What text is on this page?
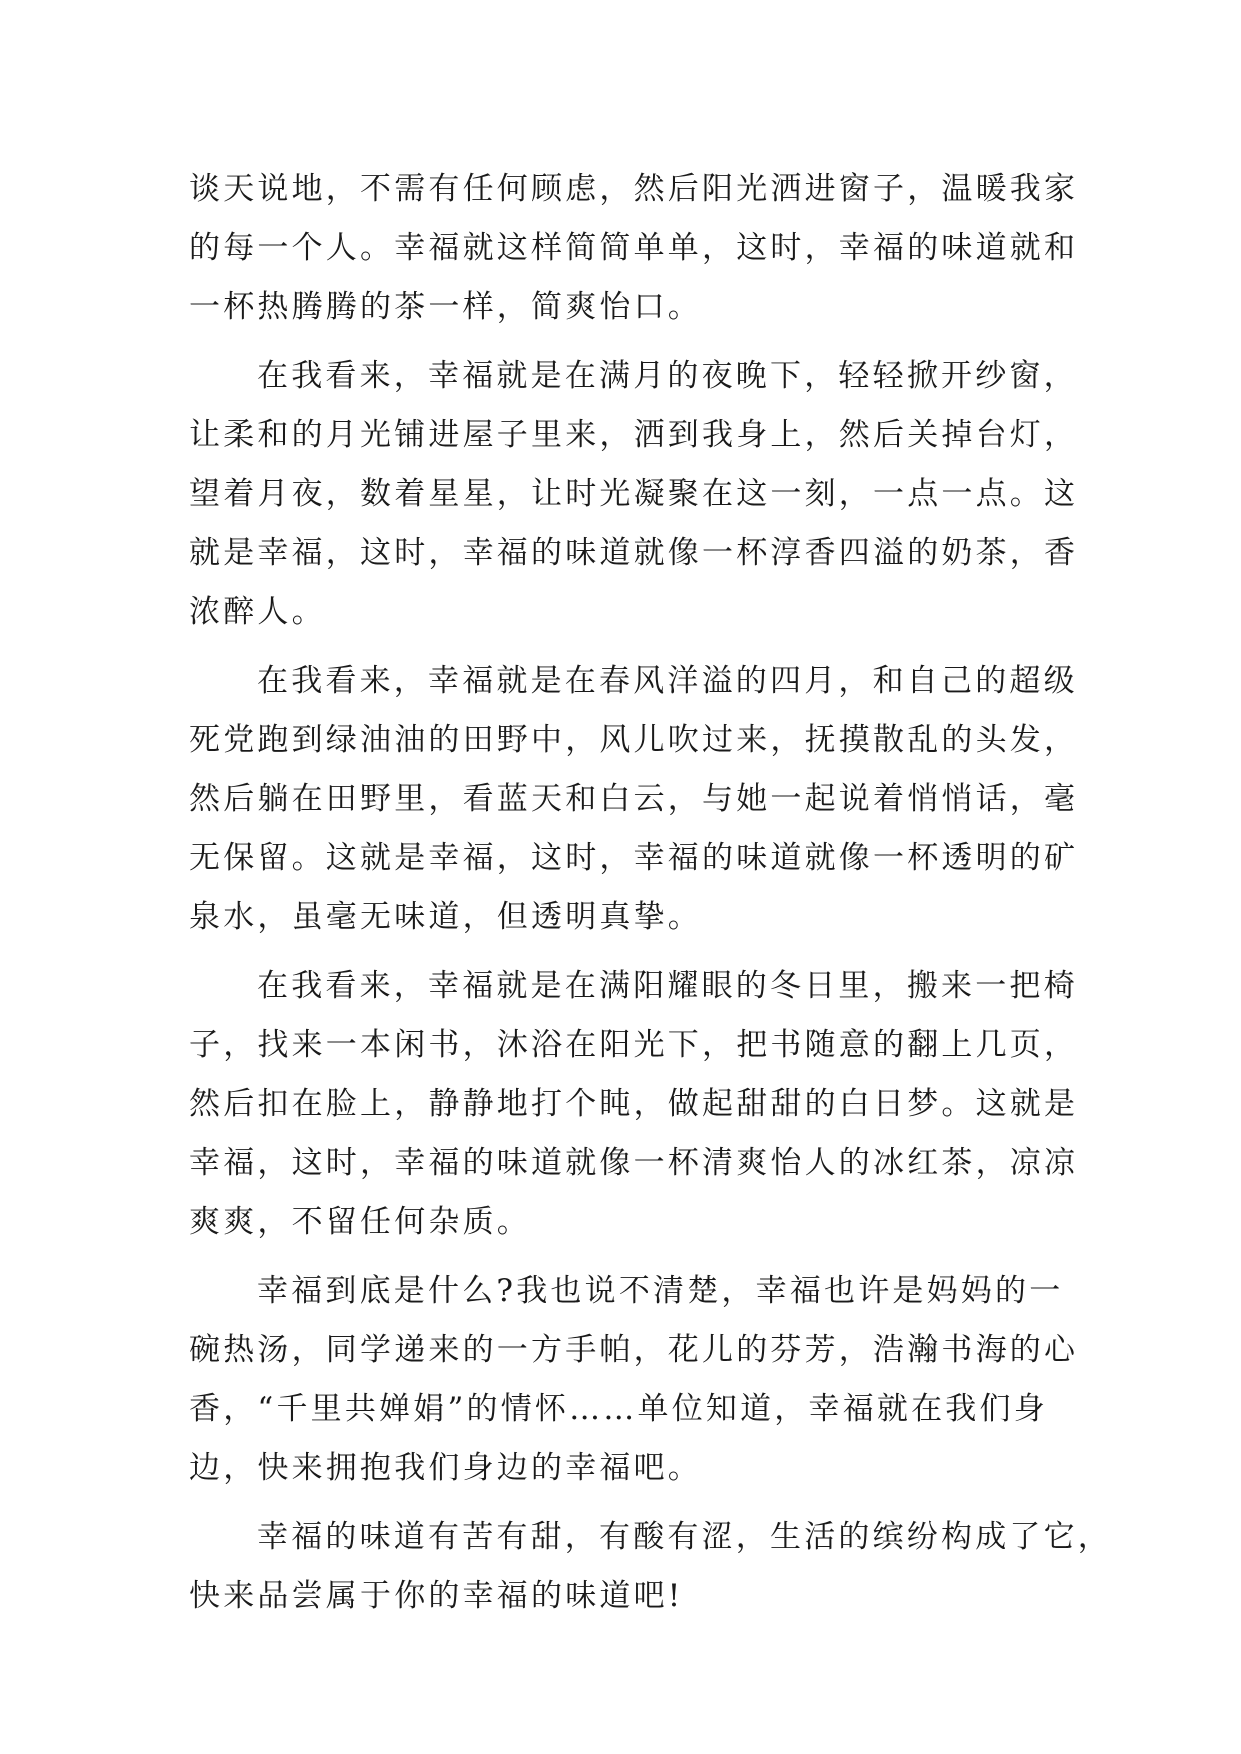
谈天说地，不需有任何顾虑，然后阳光洒进窗子，温暖我家
的每一个人。幸福就这样简简单单，这时，幸福的味道就和
一杯热腾腾的茶一样，简爽怡口。

在我看来，幸福就是在满月的夜晚下，轻轻掀开纱窗，
让柔和的月光铺进屋子里来，洒到我身上，然后关掉台灯，
望着月夜，数着星星，让时光凝聚在这一刻，一点一点。这
就是幸福，这时，幸福的味道就像一杯淳香四溢的奶茶，香
浓醉人。

在我看来，幸福就是在春风洋溢的四月，和自己的超级
死党跑到绿油油的田野中，风儿吹过来，抚摸散乱的头发，
然后躺在田野里，看蓝天和白云，与她一起说着悄悄话，毫
无保留。这就是幸福，这时，幸福的味道就像一杯透明的矿
泉水，虽毫无味道，但透明真挚。

在我看来，幸福就是在满阳耀眼的冬日里，搬来一把椅
子，找来一本闲书，沐浴在阳光下，把书随意的翻上几页，
然后扣在脸上，静静地打个盹，做起甜甜的白日梦。这就是
幸福，这时，幸福的味道就像一杯清爽怡人的冰红茶，凉凉
爽爽，不留任何杂质。

幸福到底是什么?我也说不清楚，幸福也许是妈妈的一
碗热汤，同学递来的一方手帕，花儿的芬芳，浩瀚书海的心
香，“千里共婵娟”的情怀……单位知道，幸福就在我们身
边，快来拥抱我们身边的幸福吧。

幸福的味道有苦有甜，有酸有涩，生活的缤纷构成了它，
快来品尝属于你的幸福的味道吧!
